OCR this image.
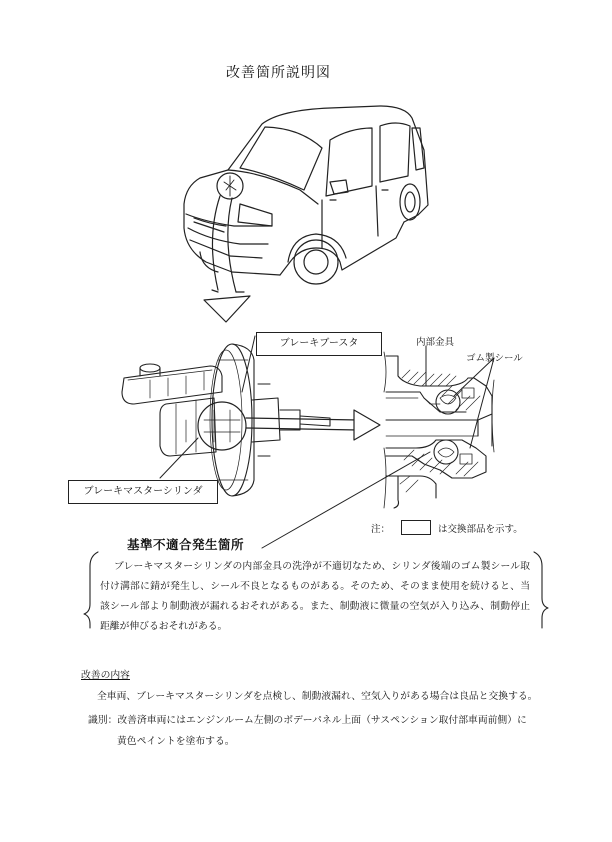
改善箇所説明図
ブレーキブースタ
ブレーキマスターシリンダ
内部金具
ゴム製シール
注：	は交換部品を示す。
基準不適合発生箇所
ブレーキマスターシリンダの内部金具の洗浄が不適切なため、シリンダ後端のゴム製シール取付け溝部に錆が発生し、シール不良となるものがある。そのため、そのまま使用を続けると、当該シール部より制動液が漏れるおそれがある。また、制動液に微量の空気が入り込み、制動停止距離が伸びるおそれがある。
改善の内容
全車両、ブレーキマスターシリンダを点検し、制動液漏れ、空気入りがある場合は良品と交換する。
識別：改善済車両にはエンジンルーム左側のボデーパネル上面（サスペンション取付部車両前側）に
黄色ペイントを塗布する。
